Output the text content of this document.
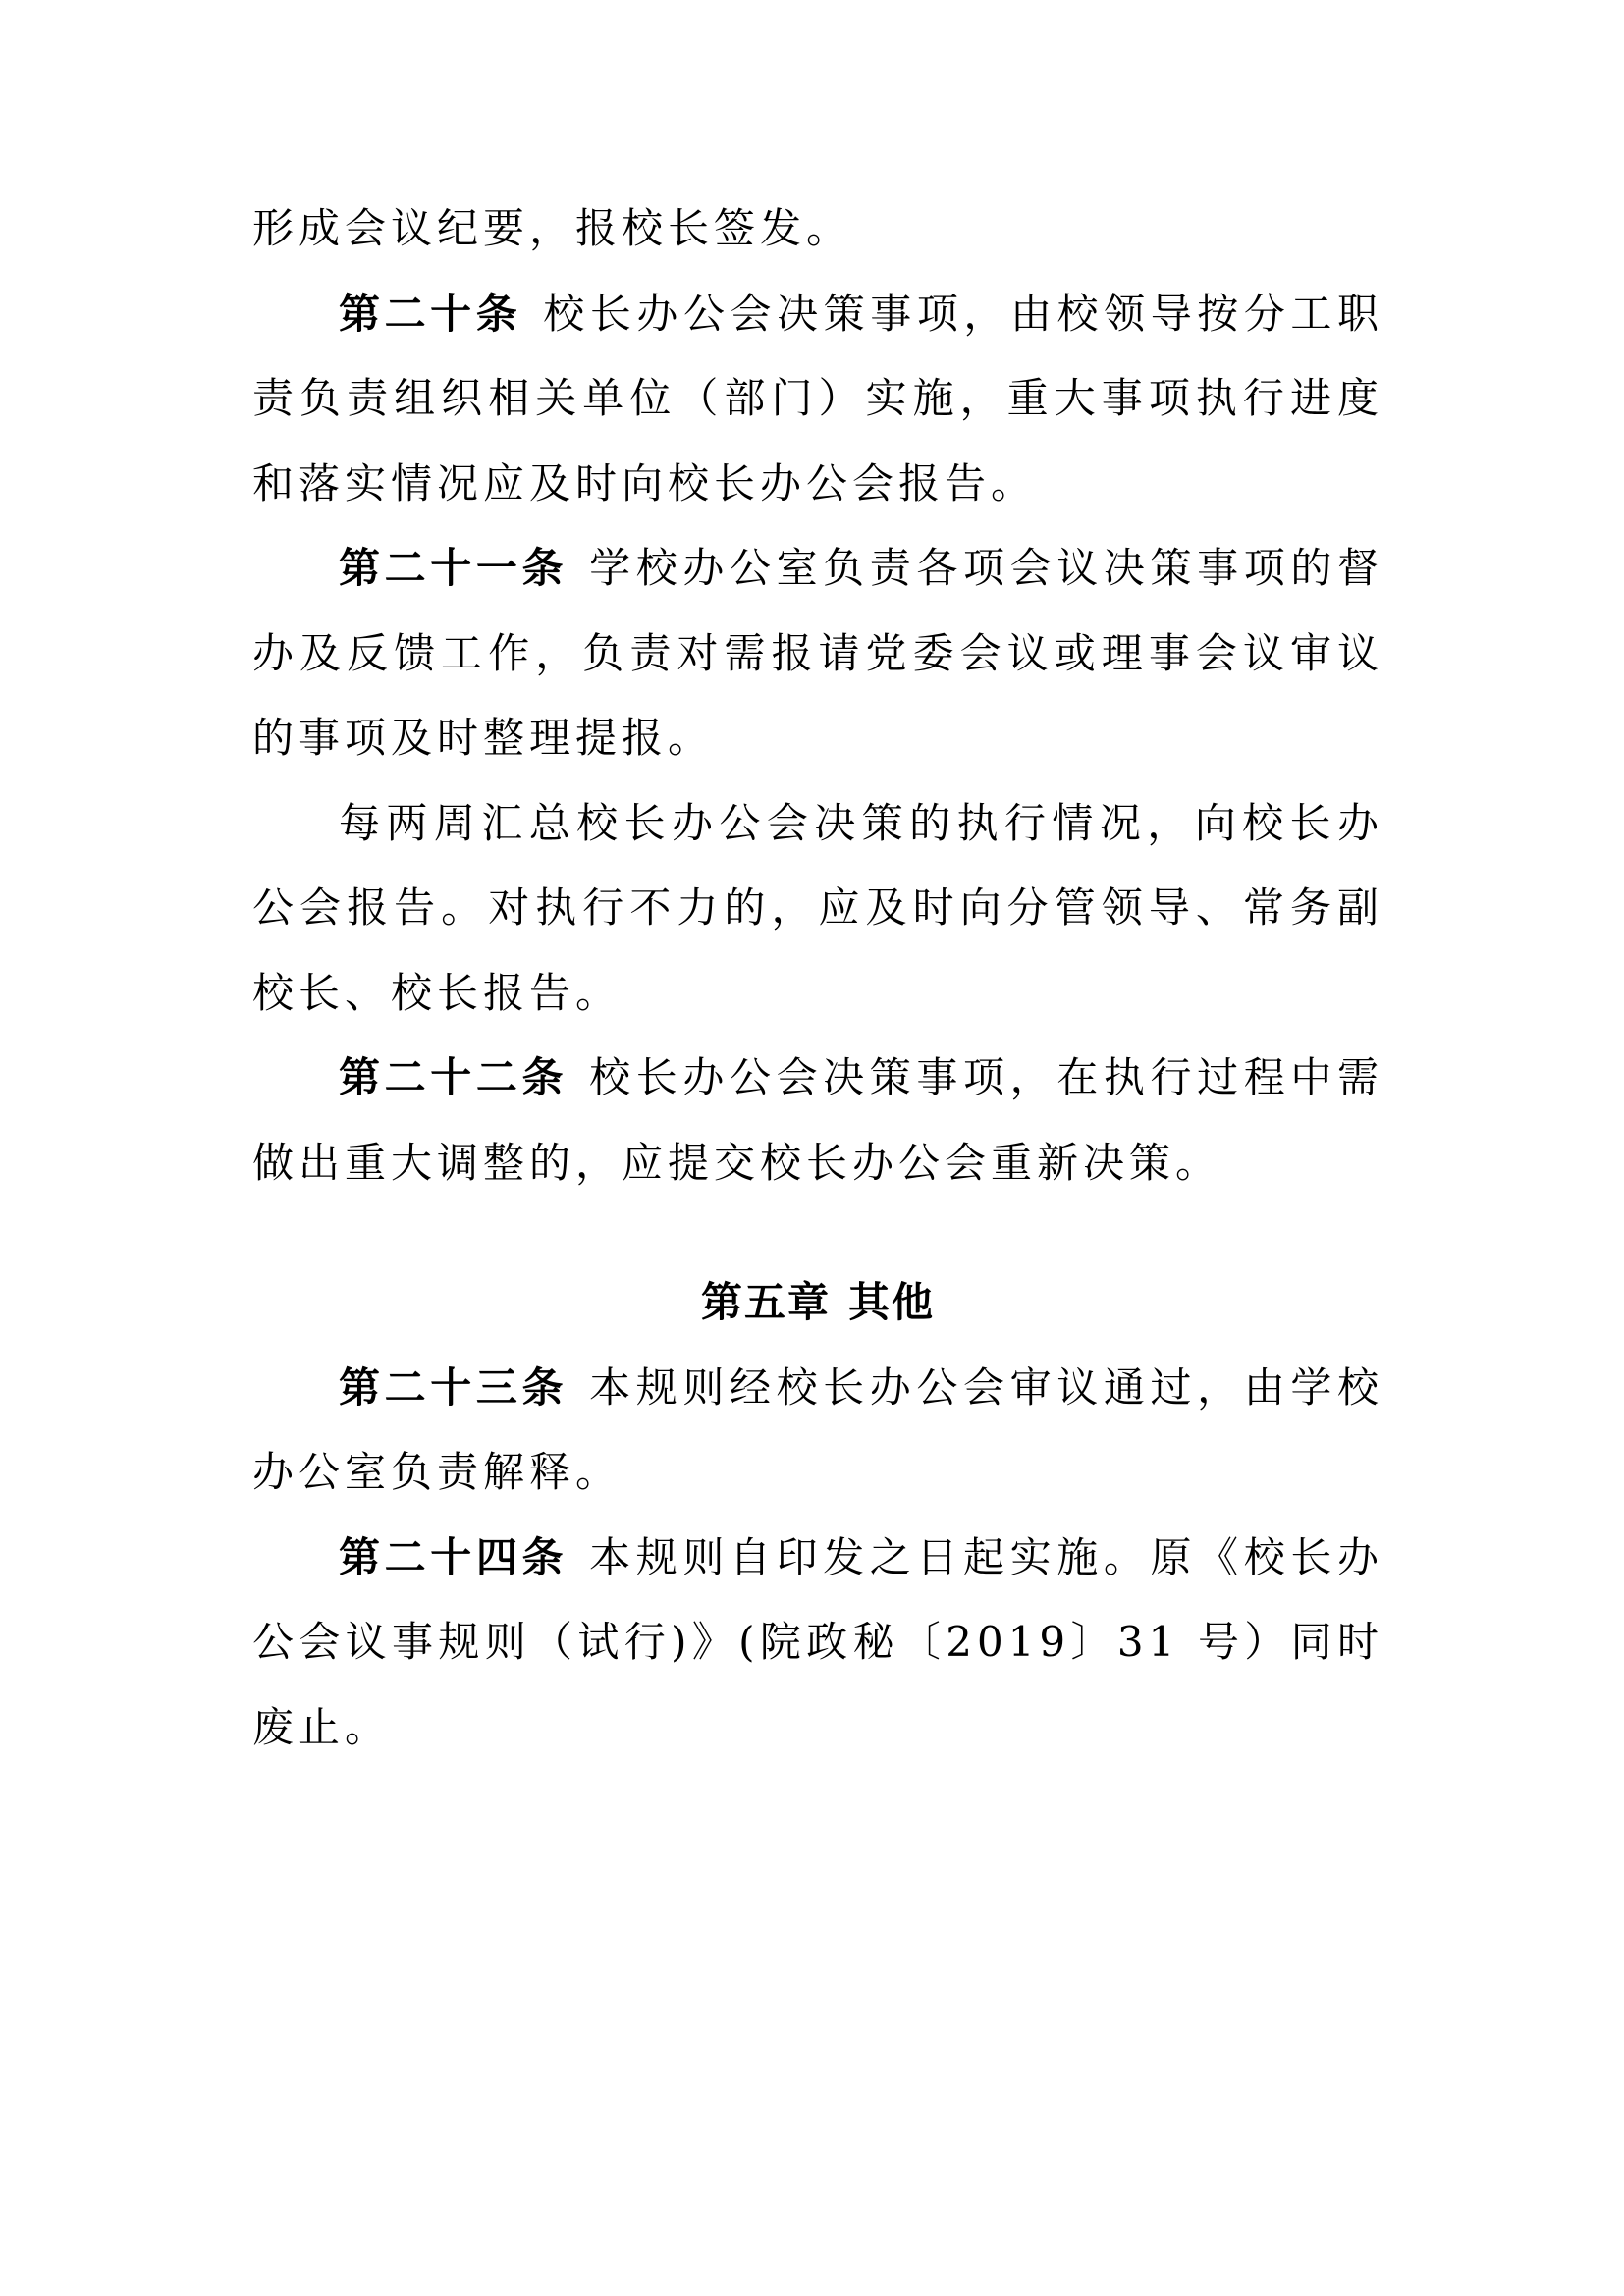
形成会议纪要，报校长签发。

第二十条 校长办公会决策事项，由校领导按分工职责负责组织相关单位（部门）实施，重大事项执行进度和落实情况应及时向校长办公会报告。

第二十一条 学校办公室负责各项会议决策事项的督办及反馈工作，负责对需报请党委会议或理事会议审议的事项及时整理提报。

每两周汇总校长办公会决策的执行情况，向校长办公会报告。对执行不力的，应及时向分管领导、常务副校长、校长报告。

第二十二条 校长办公会决策事项，在执行过程中需做出重大调整的，应提交校长办公会重新决策。

第五章 其他

第二十三条 本规则经校长办公会审议通过，由学校办公室负责解释。

第二十四条 本规则自印发之日起实施。原《校长办公会议事规则（试行)》(院政秘〔2019〕31 号）同时废止。
